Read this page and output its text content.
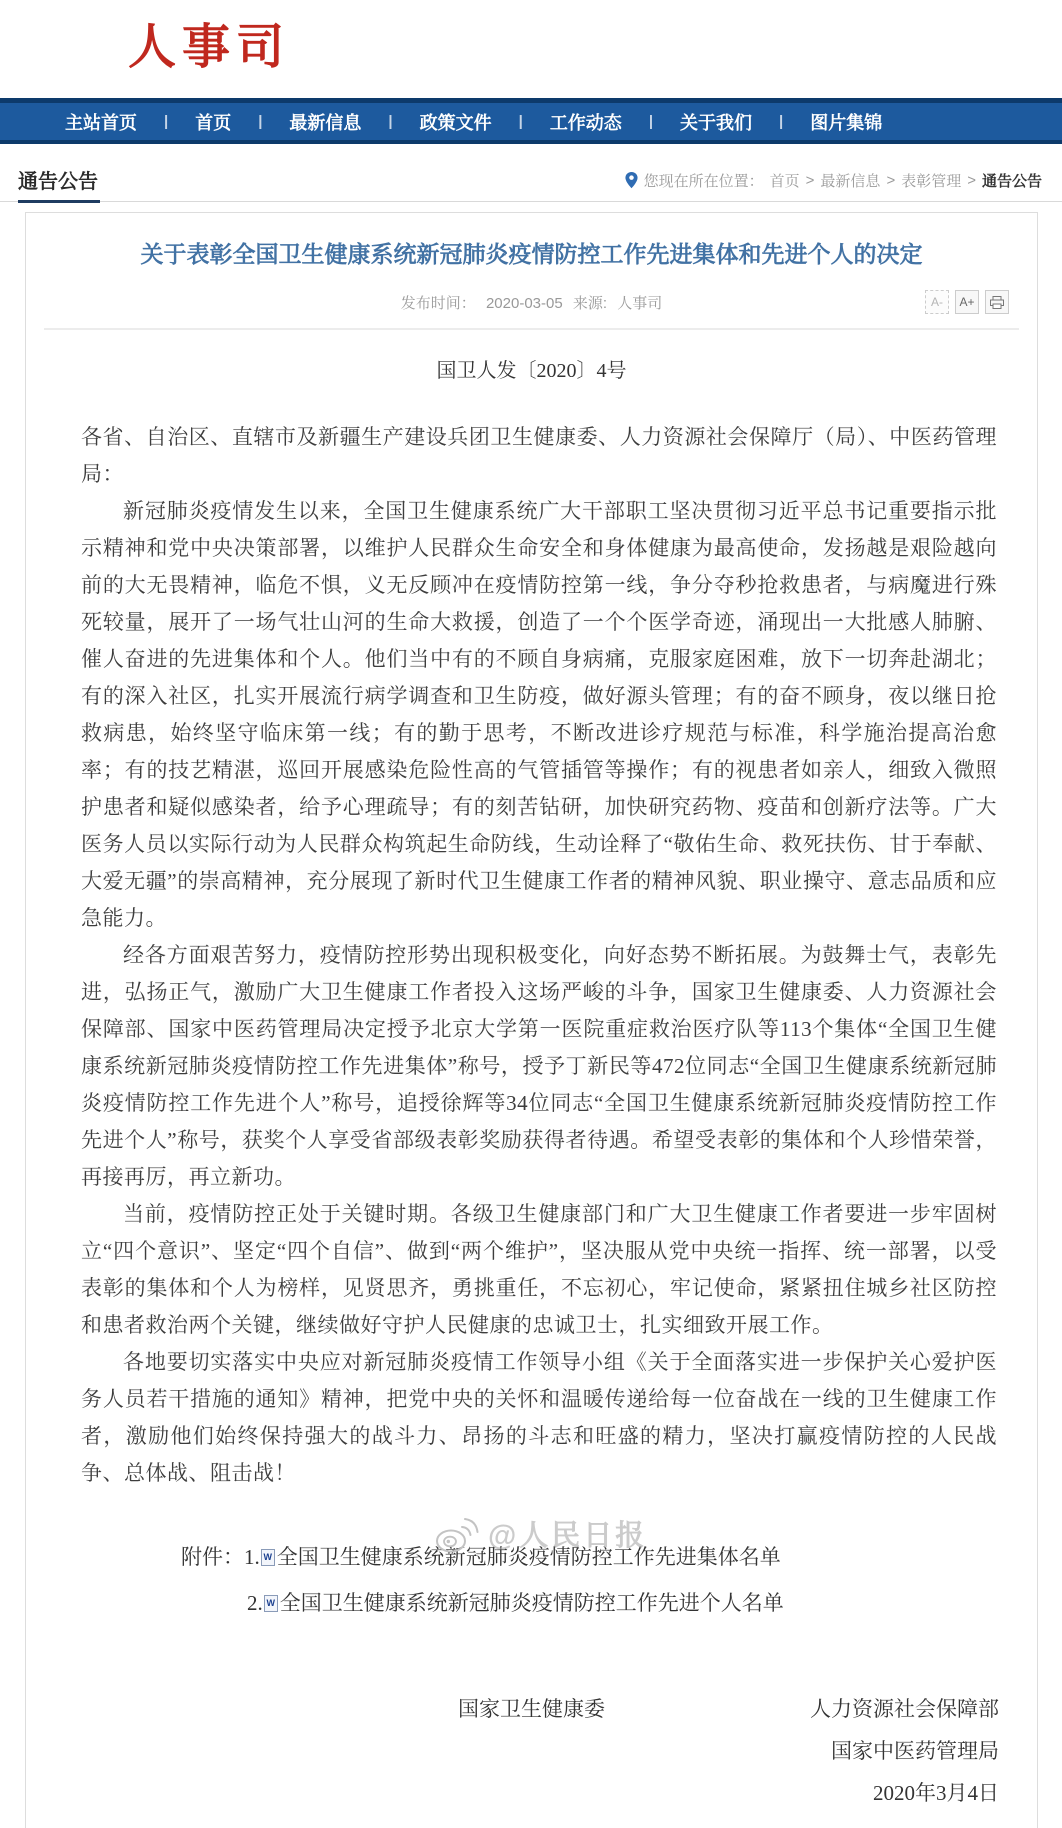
人事司
主站首页	|	首页	|	最新信息	|	政策文件	|	工作动态	|	关于我们	|	图片集锦
通告公告	您现在所在位置： 首页 > 最新信息 > 表彰管理 > 通告公告
关于表彰全国卫生健康系统新冠肺炎疫情防控工作先进集体和先进个人的决定
发布时间： 2020-03-05 来源: 人事司	A-	A+
国卫人发〔2020〕4号

各省、自治区、直辖市及新疆生产建设兵团卫生健康委、人力资源社会保障厅（局）、中医药管理局：

新冠肺炎疫情发生以来，全国卫生健康系统广大干部职工坚决贯彻习近平总书记重要指示批示精神和党中央决策部署，以维护人民群众生命安全和身体健康为最高使命，发扬越是艰险越向前的大无畏精神，临危不惧，义无反顾冲在疫情防控第一线，争分夺秒抢救患者，与病魔进行殊死较量，展开了一场气壮山河的生命大救援，创造了一个个医学奇迹，涌现出一大批感人肺腑、催人奋进的先进集体和个人。他们当中有的不顾自身病痛，克服家庭困难，放下一切奔赴湖北；有的深入社区，扎实开展流行病学调查和卫生防疫，做好源头管理；有的奋不顾身，夜以继日抢救病患，始终坚守临床第一线；有的勤于思考，不断改进诊疗规范与标准，科学施治提高治愈率；有的技艺精湛，巡回开展感染危险性高的气管插管等操作；有的视患者如亲人，细致入微照护患者和疑似感染者，给予心理疏导；有的刻苦钻研，加快研究药物、疫苗和创新疗法等。广大医务人员以实际行动为人民群众构筑起生命防线，生动诠释了“敬佑生命、救死扶伤、甘于奉献、大爱无疆”的崇高精神，充分展现了新时代卫生健康工作者的精神风貌、职业操守、意志品质和应急能力。

经各方面艰苦努力，疫情防控形势出现积极变化，向好态势不断拓展。为鼓舞士气，表彰先进，弘扬正气，激励广大卫生健康工作者投入这场严峻的斗争，国家卫生健康委、人力资源社会保障部、国家中医药管理局决定授予北京大学第一医院重症救治医疗队等113个集体“全国卫生健康系统新冠肺炎疫情防控工作先进集体”称号，授予丁新民等472位同志“全国卫生健康系统新冠肺炎疫情防控工作先进个人”称号，追授徐辉等34位同志“全国卫生健康系统新冠肺炎疫情防控工作先进个人”称号，获奖个人享受省部级表彰奖励获得者待遇。希望受表彰的集体和个人珍惜荣誉，再接再厉，再立新功。

当前，疫情防控正处于关键时期。各级卫生健康部门和广大卫生健康工作者要进一步牢固树立“四个意识”、坚定“四个自信”、做到“两个维护”，坚决服从党中央统一指挥、统一部署，以受表彰的集体和个人为榜样，见贤思齐，勇挑重任，不忘初心，牢记使命，紧紧扭住城乡社区防控和患者救治两个关键，继续做好守护人民健康的忠诚卫士，扎实细致开展工作。

各地要切实落实中央应对新冠肺炎疫情工作领导小组《关于全面落实进一步保护关心爱护医务人员若干措施的通知》精神，把党中央的关怀和温暖传递给每一位奋战在一线的卫生健康工作者，激励他们始终保持强大的战斗力、昂扬的斗志和旺盛的精力，坚决打赢疫情防控的人民战争、总体战、阻击战！

附件： 1. W 全国卫生健康系统新冠肺炎疫情防控工作先进集体名单
2. W 全国卫生健康系统新冠肺炎疫情防控工作先进个人名单
国家卫生健康委	人力资源社会保障部
国家中医药管理局
2020年3月4日
@人民日报
